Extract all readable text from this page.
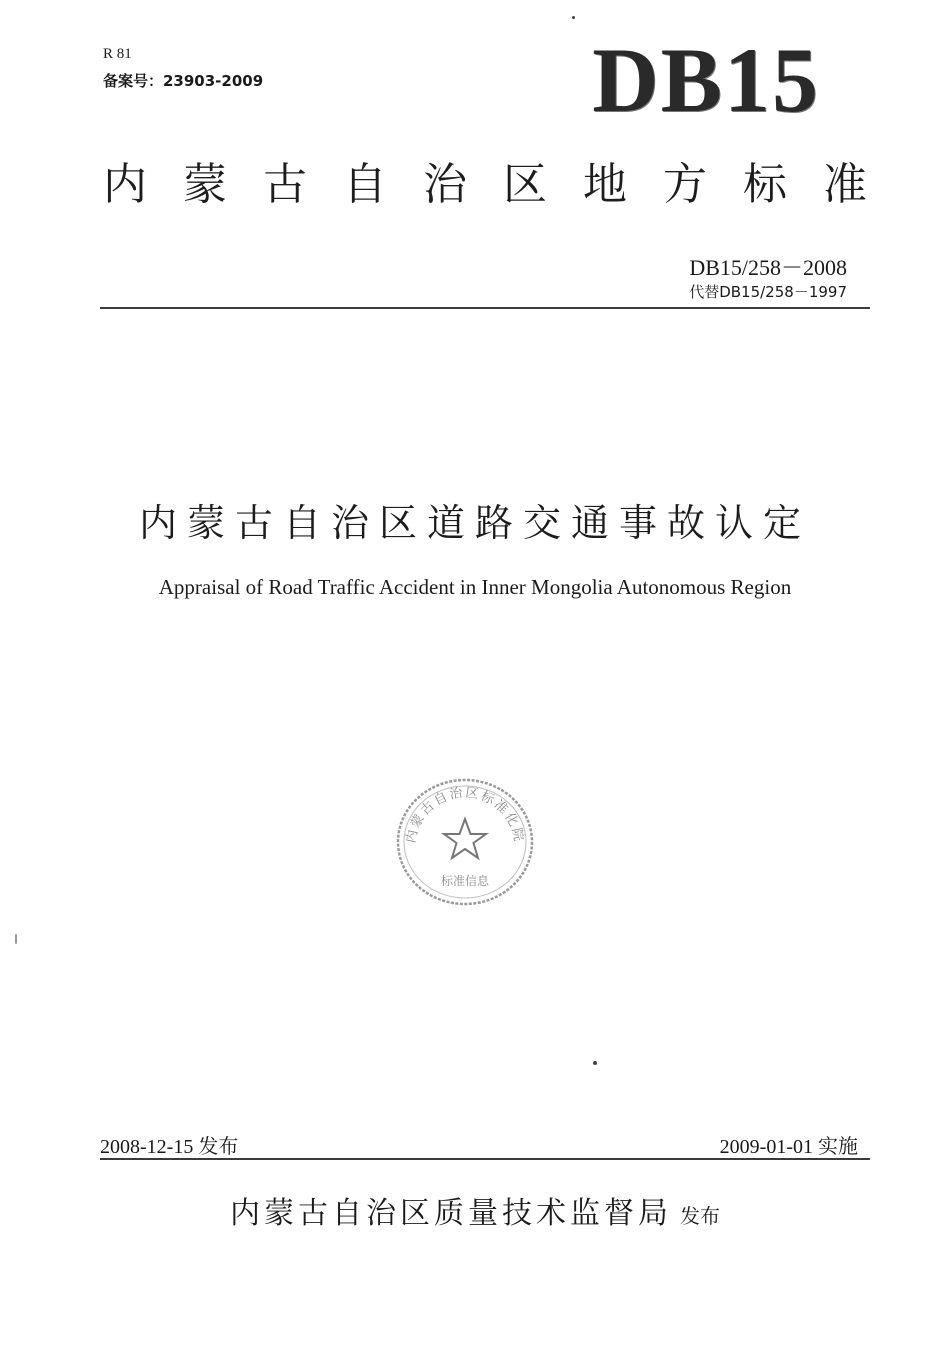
R 81
备案号：23903-2009	DB15
内蒙古自治区地方标准
DB15/258－2008
代替DB15/258－1997
内蒙古自治区道路交通事故认定
Appraisal of Road Traffic Accident in Inner Mongolia Autonomous Region
内蒙古自治区标准化院
标准信息
2008-12-15 发布	2009-01-01 实施
内蒙古自治区质量技术监督局 发布
